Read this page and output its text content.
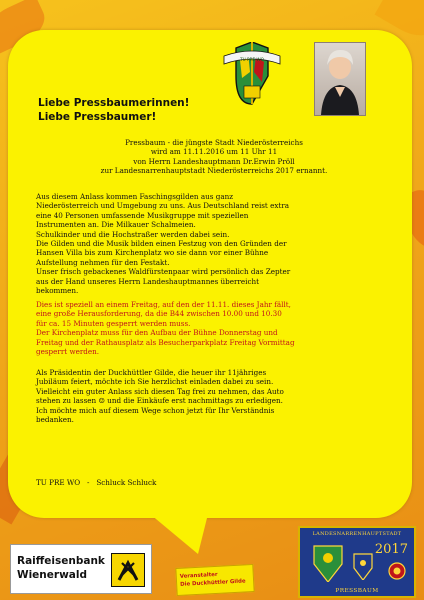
TU PRE WO
Liebe Pressbaumerinnen!
Liebe Pressbaumer!
Pressbaum - die jüngste Stadt Niederösterreichs
wird am 11.11.2016 um 11 Uhr 11
von Herrn Landeshauptmann Dr.Erwin Pröll
zur Landesnarrenhauptstadt Niederösterreichs 2017 ernannt.
Aus diesem Anlass kommen Faschingsgilden aus ganz
Niederösterreich und Umgebung zu uns. Aus Deutschland reist extra
eine 40 Personen umfassende Musikgruppe mit speziellen
Instrumenten an. Die Milkauer Schalmeien.
Schulkinder und die Hochstraßer werden dabei sein.
Die Gilden und die Musik bilden einen Festzug von den Gründen der
Hansen Villa bis zum Kirchenplatz wo sie dann vor einer Bühne
Aufstellung nehmen für den Festakt.
Unser frisch gebackenes Waldfürstenpaar wird persönlich das Zepter
aus der Hand unseres Herrn Landeshauptmannes überreicht
bekommen.
Dies ist speziell an einem Freitag, auf den der 11.11. dieses Jahr fällt,
eine große Herausforderung, da die B44 zwischen 10.00 und 10.30
für ca. 15 Minuten gesperrt werden muss.
Der Kirchenplatz muss für den Aufbau der Bühne Donnerstag und
Freitag und der Rathausplatz als Besucherparkplatz Freitag Vormittag
gesperrt werden.
Als Präsidentin der Duckhüttler Gilde, die heuer ihr 11jähriges
Jubiläum feiert, möchte ich Sie herzlichst einladen dabei zu sein.
Vielleicht ein guter Anlass sich diesen Tag frei zu nehmen, das Auto
stehen zu lassen ☺ und die Einkäufe erst nachmittags zu erledigen.
Ich möchte mich auf diesem Wege schon jetzt für Ihr Verständnis
bedanken.

TU PRE WO   -   Schluck Schluck

Raiffeisenbank
Wienerwald	Veranstalter
Die Duckhüttler Gilde
LANDESNARRENHAUPTSTADT
2017
PRESSBAUM
